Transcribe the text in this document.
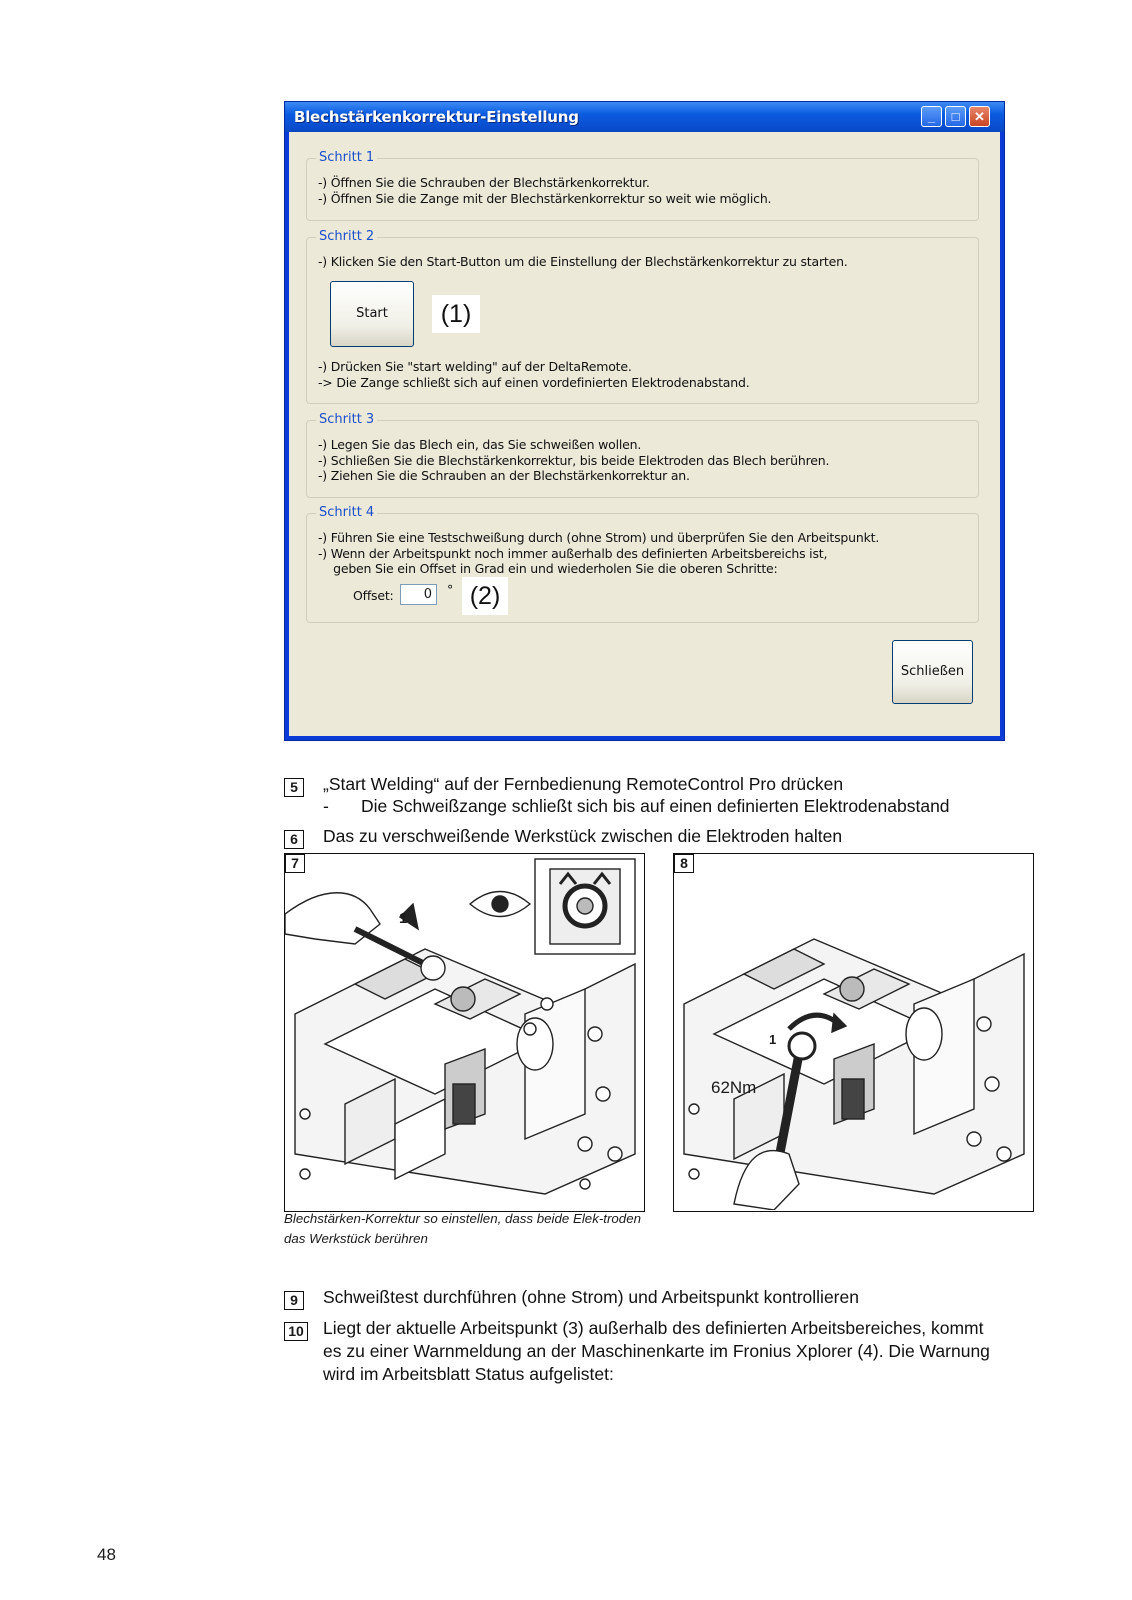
Blechstärkenkorrektur-Einstellung	_	□	✕
Schritt 1
-) Öffnen Sie die Schrauben der Blechstärkenkorrektur.
-) Öffnen Sie die Zange mit der Blechstärkenkorrektur so weit wie möglich.
Schritt 2
-) Klicken Sie den Start-Button um die Einstellung der Blechstärkenkorrektur zu starten.
Start	(1)
-) Drücken Sie "start welding" auf der DeltaRemote.
-> Die Zange schließt sich auf einen vordefinierten Elektrodenabstand.
Schritt 3
-) Legen Sie das Blech ein, das Sie schweißen wollen.
-) Schließen Sie die Blechstärkenkorrektur, bis beide Elektroden das Blech berühren.
-) Ziehen Sie die Schrauben an der Blechstärkenkorrektur an.
Schritt 4
-) Führen Sie eine Testschweißung durch (ohne Strom) und überprüfen Sie den Arbeitspunkt.
-) Wenn der Arbeitspunkt noch immer außerhalb des definierten Arbeitsbereichs ist,
geben Sie ein Offset in Grad ein und wiederholen Sie die oberen Schritte:
Offset:	0	° (2)
Schließen
5	„Start Welding“ auf der Fernbedienung RemoteControl Pro drücken
- Die Schweißzange schließt sich bis auf einen definierten Elektrodenabstand
6	Das zu verschweißende Werkstück zwischen die Elektroden halten
7
1
8
1
62Nm
Blechstärken-Korrektur so einstellen, dass beide Elek-troden das Werkstück berühren
9	Schweißtest durchführen (ohne Strom) und Arbeitspunkt kontrollieren
10 Liegt der aktuelle Arbeitspunkt (3) außerhalb des definierten Arbeitsbereiches, kommt
es zu einer Warnmeldung an der Maschinenkarte im Fronius Xplorer (4). Die Warnung
wird im Arbeitsblatt Status aufgelistet:
48
